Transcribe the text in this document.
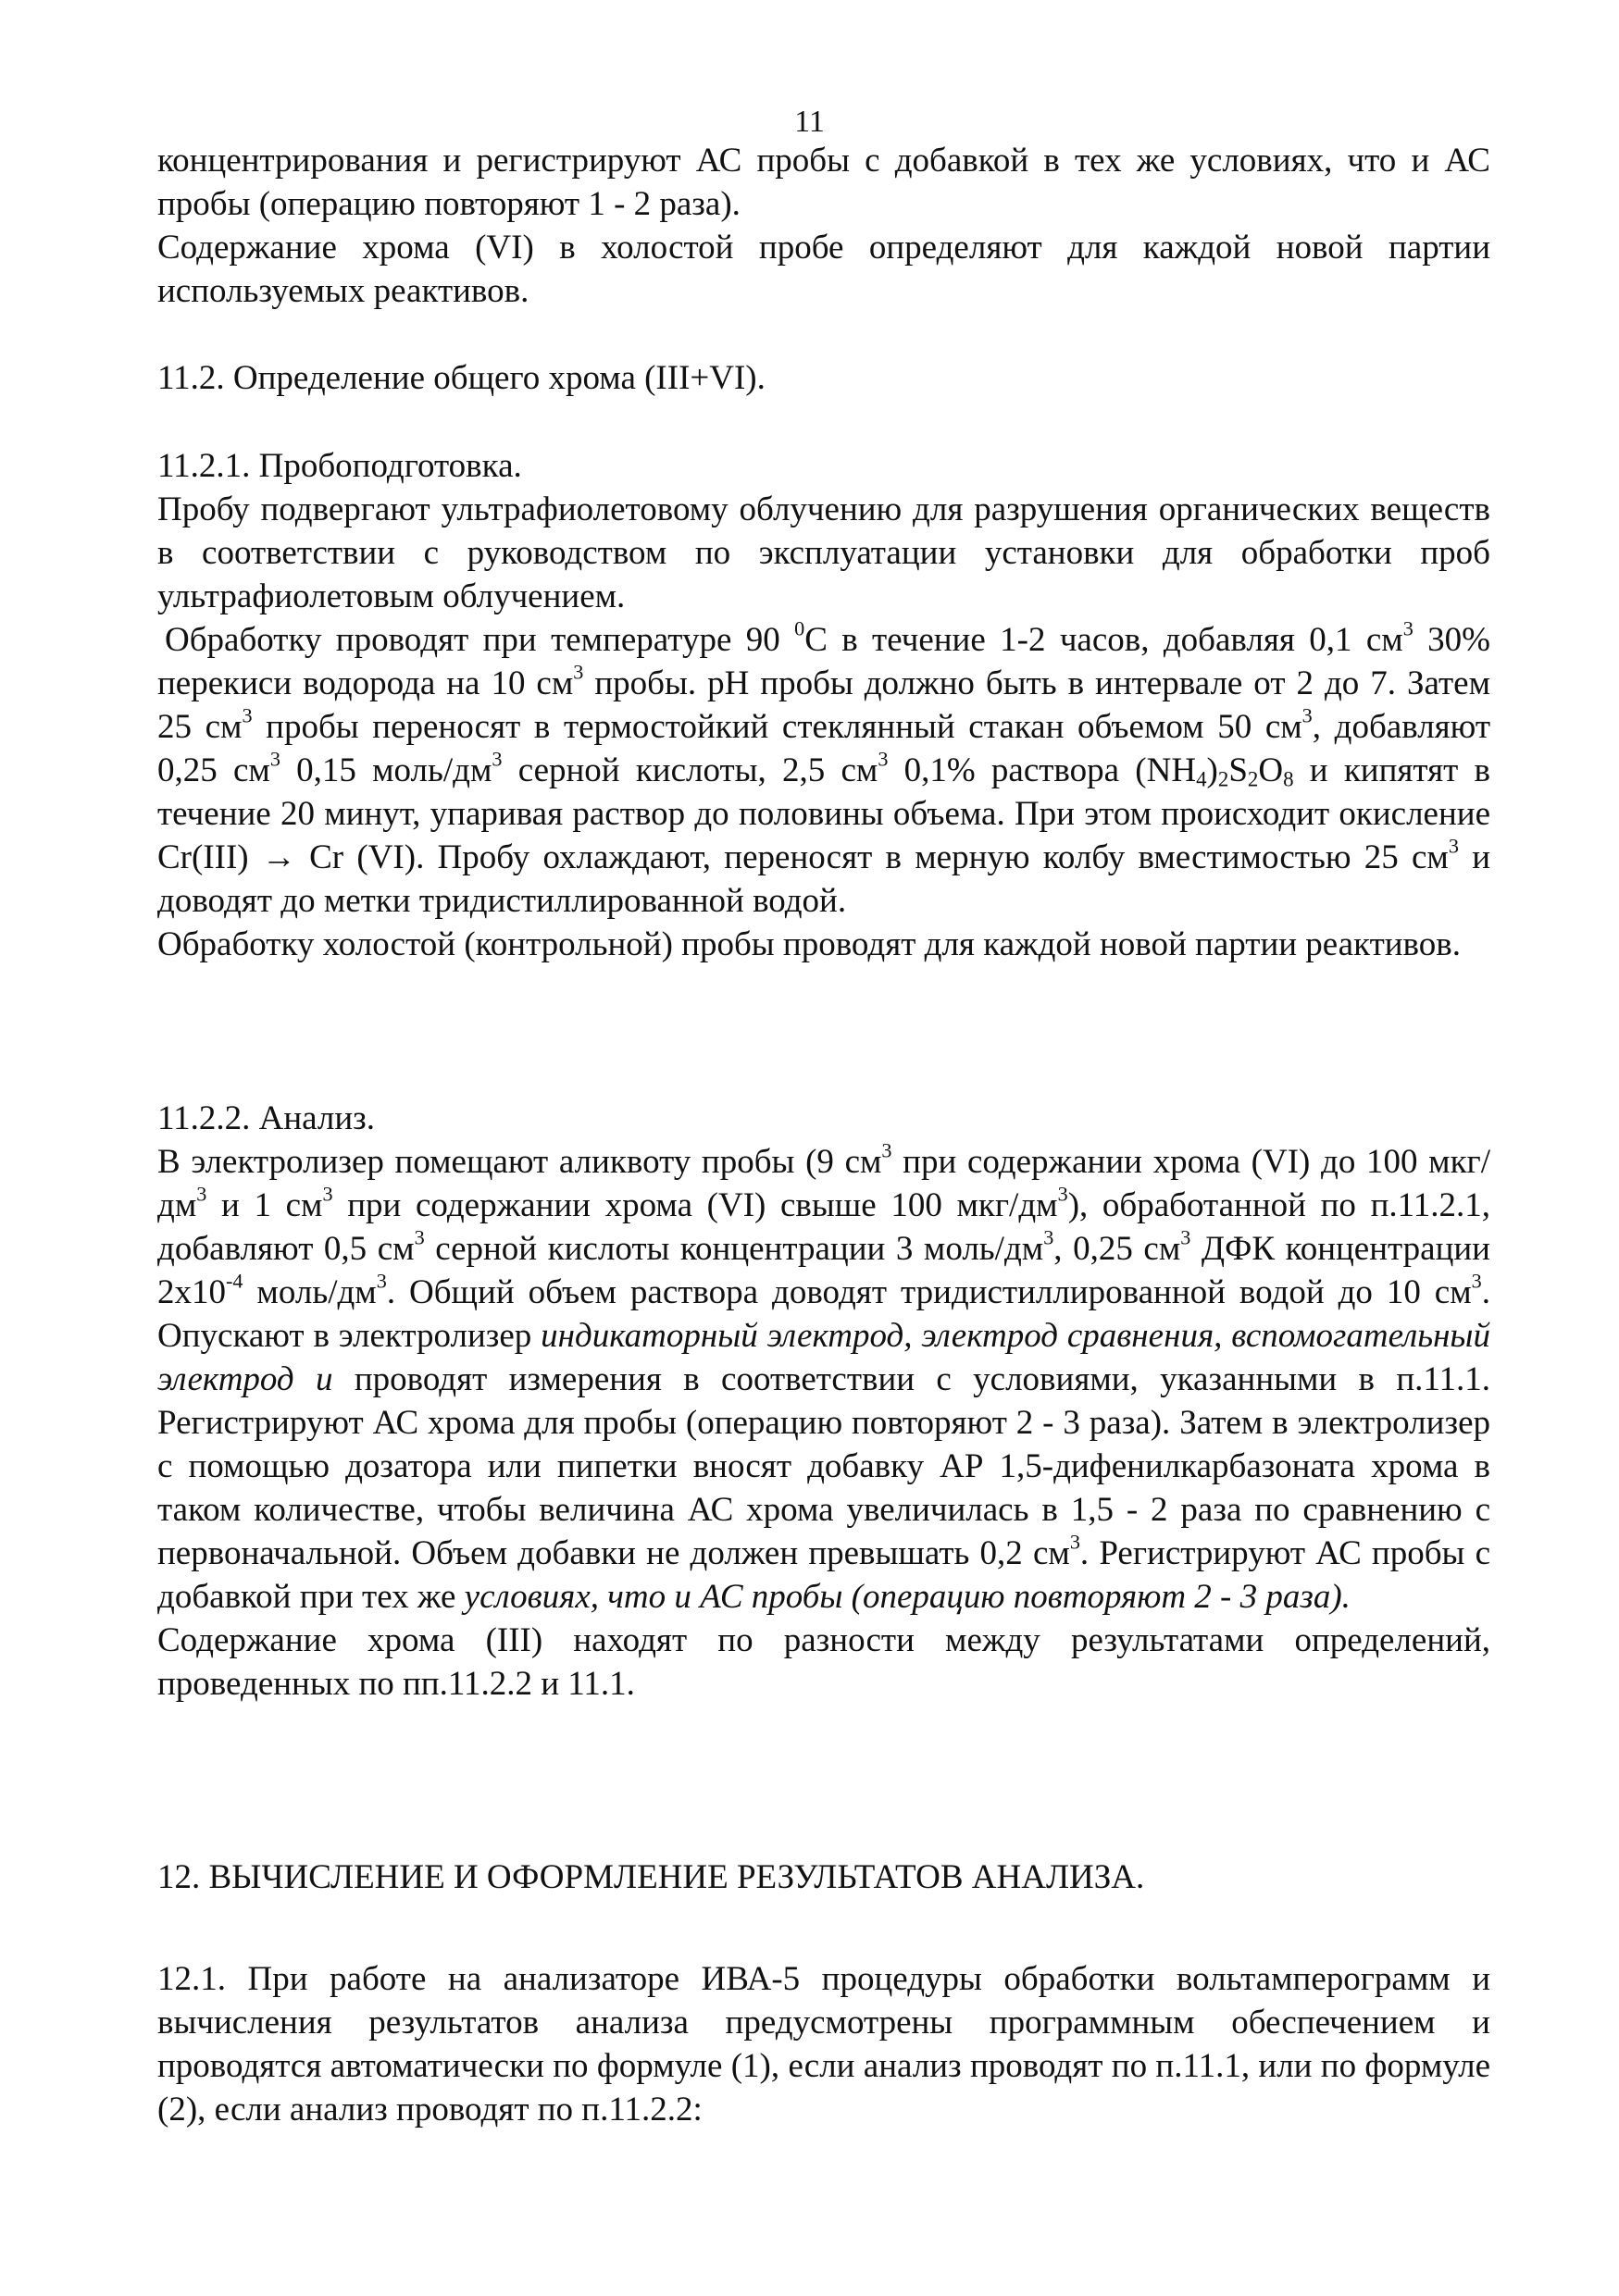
11

концентрирования и регистрируют АС пробы с добавкой в тех же условиях, что и АС пробы (операцию повторяют 1 - 2 раза).

Содержание хрома (VI) в холостой пробе определяют для каждой новой партии используемых реактивов.

11.2. Определение общего хрома (III+VI).

11.2.1. Пробоподготовка.

Пробу подвергают ультрафиолетовому облучению для разрушения органических веществ в соответствии с руководством по эксплуатации установки для обработки проб ультрафиолетовым облучением.

Обработку проводят при температуре 90 $^0$С в течение 1-2 часов, добавляя 0,1 $см^3$ 30% перекиси водорода на 10 $см^3$ пробы. pH пробы должно быть в интервале от 2 до 7. Затем 25 $см^3$ пробы переносят в термостойкий стеклянный стакан объемом 50 $см^3$, добавляют 0,25 $см^3$ 0,15 моль/$дм^3$ серной кислоты, 2,5 $см^3$ 0,1% раствора $(NH_4)_2S_2O_8$ и кипятят в течение 20 минут, упаривая раствор до половины объема. При этом происходит окисление Cr(III) → Cr (VI). Пробу охлаждают, переносят в мерную колбу вместимостью 25 $см^3$ и доводят до метки тридистиллированной водой.

Обработку холостой (контрольной) пробы проводят для каждой новой партии реактивов.

11.2.2. Анализ.

В электролизер помещают аликвоту пробы (9 $см^3$ при содержании хрома (VI) до 100 мкг/$дм^3$ и 1 $см^3$ при содержании хрома (VI) свыше 100 мкг/$дм^3$), обработанной по п.11.2.1, добавляют 0,5 $см^3$ серной кислоты концентрации 3 моль/$дм^3$, 0,25 $см^3$ ДФК концентрации $2х10^{-4}$ моль/$дм^3$. Общий объем раствора доводят тридистиллированной водой до 10 $см^3$. Опускают в электролизер индикаторный электрод, электрод сравнения, вспомогательный электрод и проводят измерения в соответствии с условиями, указанными в п.11.1. Регистрируют АС хрома для пробы (операцию повторяют 2 - 3 раза). Затем в электролизер с помощью дозатора или пипетки вносят добавку АР 1,5-дифенилкарбазоната хрома в таком количестве, чтобы величина АС хрома увеличилась в 1,5 - 2 раза по сравнению с первоначальной. Объем добавки не должен превышать 0,2 $см^3$. Регистрируют АС пробы с добавкой при тех же условиях, что и АС пробы (операцию повторяют 2 - 3 раза).

Содержание хрома (III) находят по разности между результатами определений, проведенных по пп.11.2.2 и 11.1.

12. ВЫЧИСЛЕНИЕ И ОФОРМЛЕНИЕ РЕЗУЛЬТАТОВ АНАЛИЗА.

12.1. При работе на анализаторе ИВА-5 процедуры обработки вольтамперограмм и вычисления результатов анализа предусмотрены программным обеспечением и проводятся автоматически по формуле (1), если анализ проводят по п.11.1, или по формуле (2), если анализ проводят по п.11.2.2:
